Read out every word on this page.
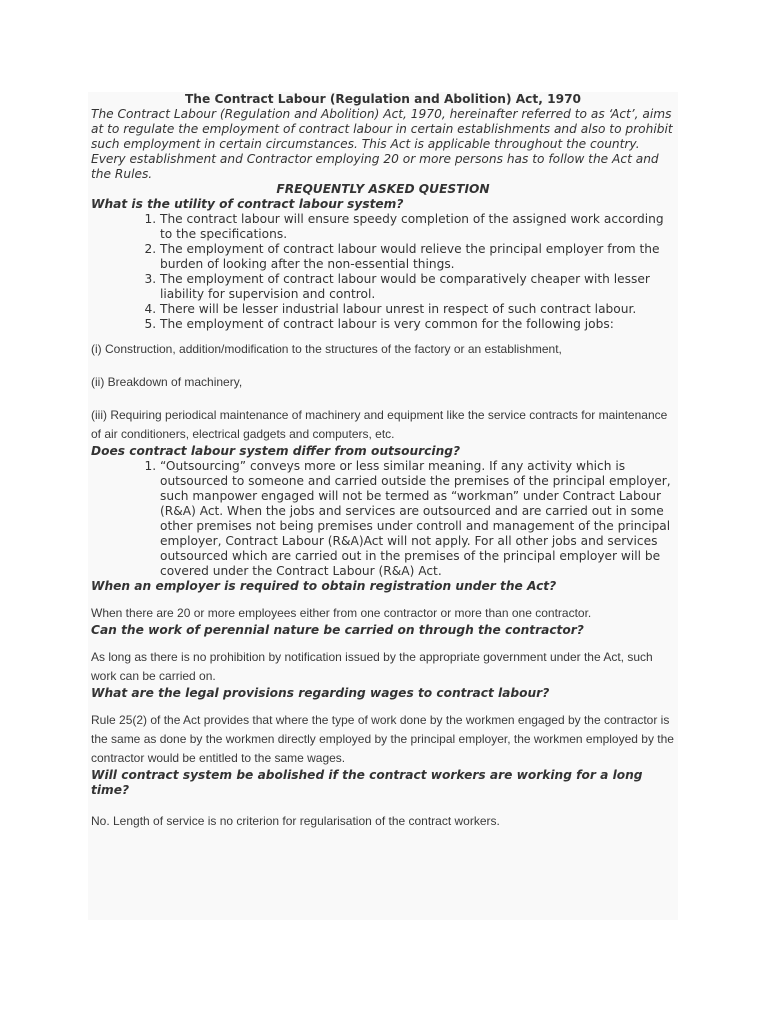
The Contract Labour (Regulation and Abolition) Act, 1970

The Contract Labour (Regulation and Abolition) Act, 1970, hereinafter referred to as ‘Act’, aims at to regulate the employment of contract labour in certain establishments and also to prohibit such employment in certain circumstances. This Act is applicable throughout the country. Every establishment and Contractor employing 20 or more persons has to follow the Act and the Rules.

FREQUENTLY ASKED QUESTION

What is the utility of contract labour system?
1. The contract labour will ensure speedy completion of the assigned work according to the specifications.
2. The employment of contract labour would relieve the principal employer from the burden of looking after the non-essential things.
3. The employment of contract labour would be comparatively cheaper with lesser liability for supervision and control.
4. There will be lesser industrial labour unrest in respect of such contract labour.
5. The employment of contract labour is very common for the following jobs:

(i) Construction, addition/modification to the structures of the factory or an establishment,

(ii) Breakdown of machinery,

(iii) Requiring periodical maintenance of machinery and equipment like the service contracts for maintenance of air conditioners, electrical gadgets and computers, etc.

Does contract labour system differ from outsourcing?
1. “Outsourcing” conveys more or less similar meaning. If any activity which is outsourced to someone and carried outside the premises of the principal employer, such manpower engaged will not be termed as “workman” under Contract Labour (R&A) Act. When the jobs and services are outsourced and are carried out in some other premises not being premises under controll and management of the principal employer, Contract Labour (R&A)Act will not apply. For all other jobs and services outsourced which are carried out in the premises of the principal employer will be covered under the Contract Labour (R&A) Act.
When an employer is required to obtain registration under the Act?

When there are 20 or more employees either from one contractor or more than one contractor.

Can the work of perennial nature be carried on through the contractor?

As long as there is no prohibition by notification issued by the appropriate government under the Act, such work can be carried on.

What are the legal provisions regarding wages to contract labour?

Rule 25(2) of the Act provides that where the type of work done by the workmen engaged by the contractor is the same as done by the workmen directly employed by the principal employer, the workmen employed by the contractor would be entitled to the same wages.

Will contract system be abolished if the contract workers are working for a long time?

No. Length of service is no criterion for regularisation of the contract workers.
